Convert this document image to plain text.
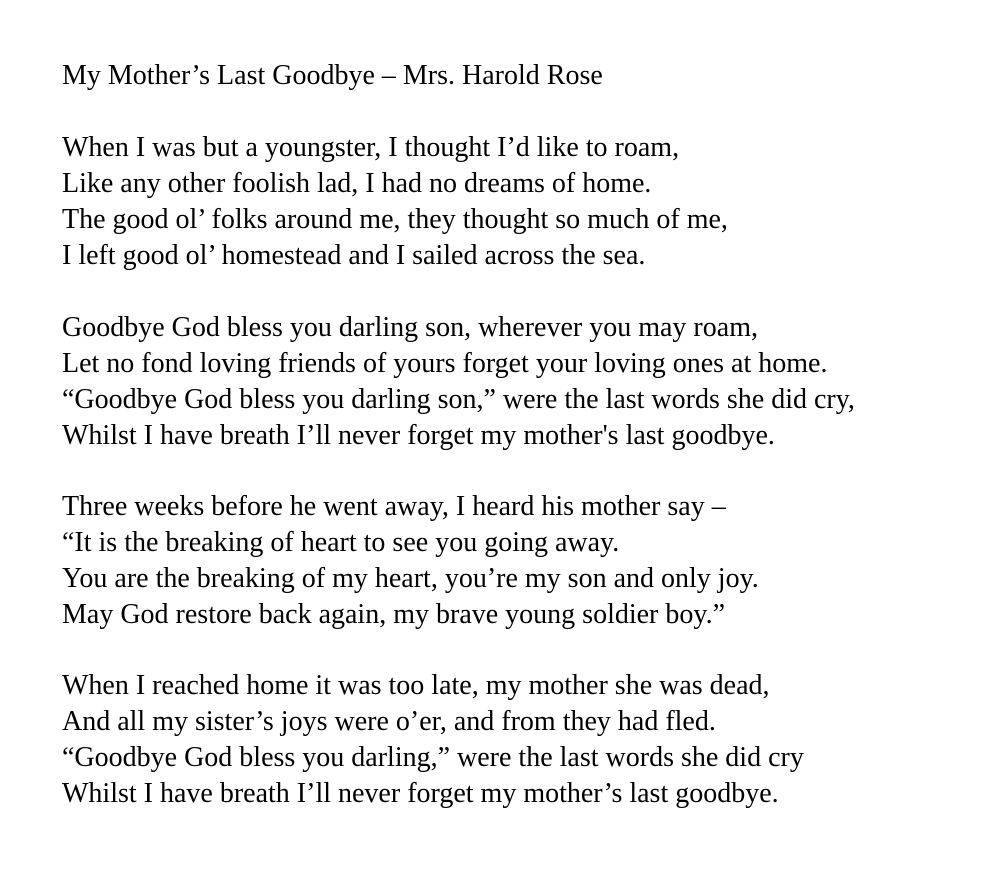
My Mother’s Last Goodbye – Mrs. Harold Rose
When I was but a youngster, I thought I’d like to roam,
Like any other foolish lad, I had no dreams of home.
The good ol’ folks around me, they thought so much of me,
I left good ol’ homestead and I sailed across the sea.
Goodbye God bless you darling son, wherever you may roam,
Let no fond loving friends of yours forget your loving ones at home.
“Goodbye God bless you darling son,” were the last words she did cry,
Whilst I have breath I’ll never forget my mother's last goodbye.
Three weeks before he went away, I heard his mother say –
“It is the breaking of heart to see you going away.
You are the breaking of my heart, you’re my son and only joy.
May God restore back again, my brave young soldier boy.”
When I reached home it was too late, my mother she was dead,
And all my sister’s joys were o’er, and from they had fled.
“Goodbye God bless you darling,” were the last words she did cry
Whilst I have breath I’ll never forget my mother’s last goodbye.
